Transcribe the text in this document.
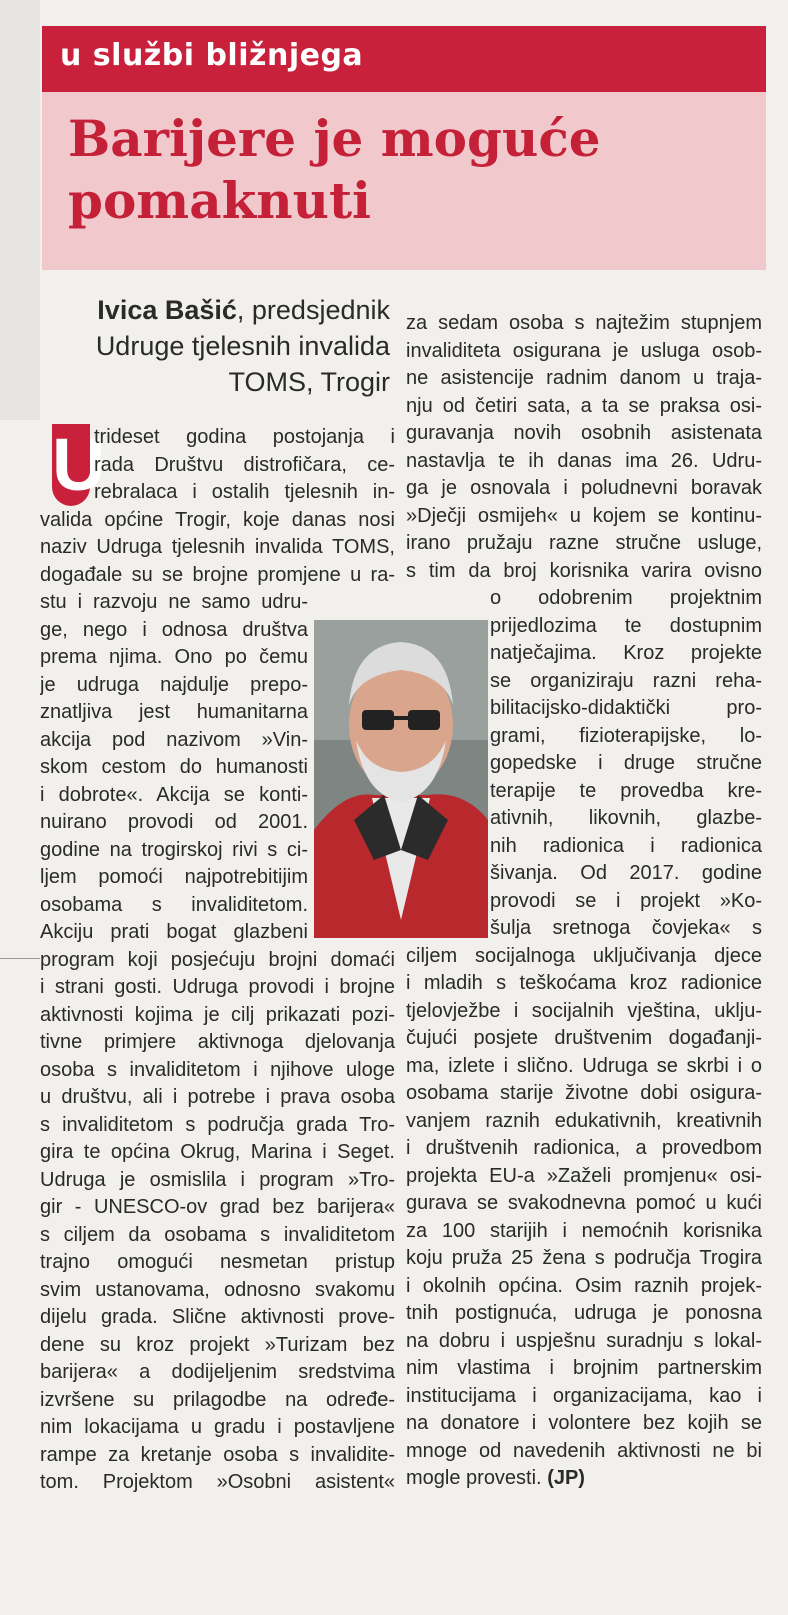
u službi bližnjega
Barijere je moguće
pomaknuti
Ivica Bašić, predsjednik
Udruge tjelesnih invalida
TOMS, Trogir
U
trideset godina postojanja i
rada Društvu distrofičara, ce-
rebralaca i ostalih tjelesnih in-
valida općine Trogir, koje danas nosi
naziv Udruga tjelesnih invalida TOMS,
događale su se brojne promjene u ra-
stu i razvoju ne samo udru-
ge, nego i odnosa društva
prema njima. Ono po čemu
je udruga najdulje prepo-
znatljiva jest humanitarna
akcija pod nazivom »Vin-
skom cestom do humanosti
i dobrote«. Akcija se konti-
nuirano provodi od 2001.
godine na trogirskoj rivi s ci-
ljem pomoći najpotrebitijim
osobama s invaliditetom.
Akciju prati bogat glazbeni
program koji posjećuju brojni domaći
i strani gosti. Udruga provodi i brojne
aktivnosti kojima je cilj prikazati pozi-
tivne primjere aktivnoga djelovanja
osoba s invaliditetom i njihove uloge
u društvu, ali i potrebe i prava osoba
s invaliditetom s područja grada Tro-
gira te općina Okrug, Marina i Seget.
Udruga je osmislila i program »Tro-
gir - UNESCO-ov grad bez barijera«
s ciljem da osobama s invaliditetom
trajno omogući nesmetan pristup
svim ustanovama, odnosno svakomu
dijelu grada. Slične aktivnosti prove-
dene su kroz projekt »Turizam bez
barijera« a dodijeljenim sredstvima
izvršene su prilagodbe na određe-
nim lokacijama u gradu i postavljene
rampe za kretanje osoba s invalidite-
tom. Projektom »Osobni asistent«
za sedam osoba s najtežim stupnjem
invaliditeta osigurana je usluga osob-
ne asistencije radnim danom u traja-
nju od četiri sata, a ta se praksa osi-
guravanja novih osobnih asistenata
nastavlja te ih danas ima 26. Udru-
ga je osnovala i poludnevni boravak
»Dječji osmijeh« u kojem se kontinu-
irano pružaju razne stručne usluge,
s tim da broj korisnika varira ovisno
o odobrenim projektnim
prijedlozima te dostupnim
natječajima. Kroz projekte
se organiziraju razni reha-
bilitacijsko-didaktički pro-
grami, fizioterapijske, lo-
gopedske i druge stručne
terapije te provedba kre-
ativnih, likovnih, glazbe-
nih radionica i radionica
šivanja. Od 2017. godine
provodi se i projekt »Ko-
šulja sretnoga čovjeka« s
ciljem socijalnoga uključivanja djece
i mladih s teškoćama kroz radionice
tjelovježbe i socijalnih vještina, uklju-
čujući posjete društvenim događanji-
ma, izlete i slično. Udruga se skrbi i o
osobama starije životne dobi osigura-
vanjem raznih edukativnih, kreativnih
i društvenih radionica, a provedbom
projekta EU-a »Zaželi promjenu« osi-
gurava se svakodnevna pomoć u kući
za 100 starijih i nemoćnih korisnika
koju pruža 25 žena s područja Trogira
i okolnih općina. Osim raznih projek-
tnih postignuća, udruga je ponosna
na dobru i uspješnu suradnju s lokal-
nim vlastima i brojnim partnerskim
institucijama i organizacijama, kao i
na donatore i volontere bez kojih se
mnoge od navedenih aktivnosti ne bi
mogle provesti. (JP)
